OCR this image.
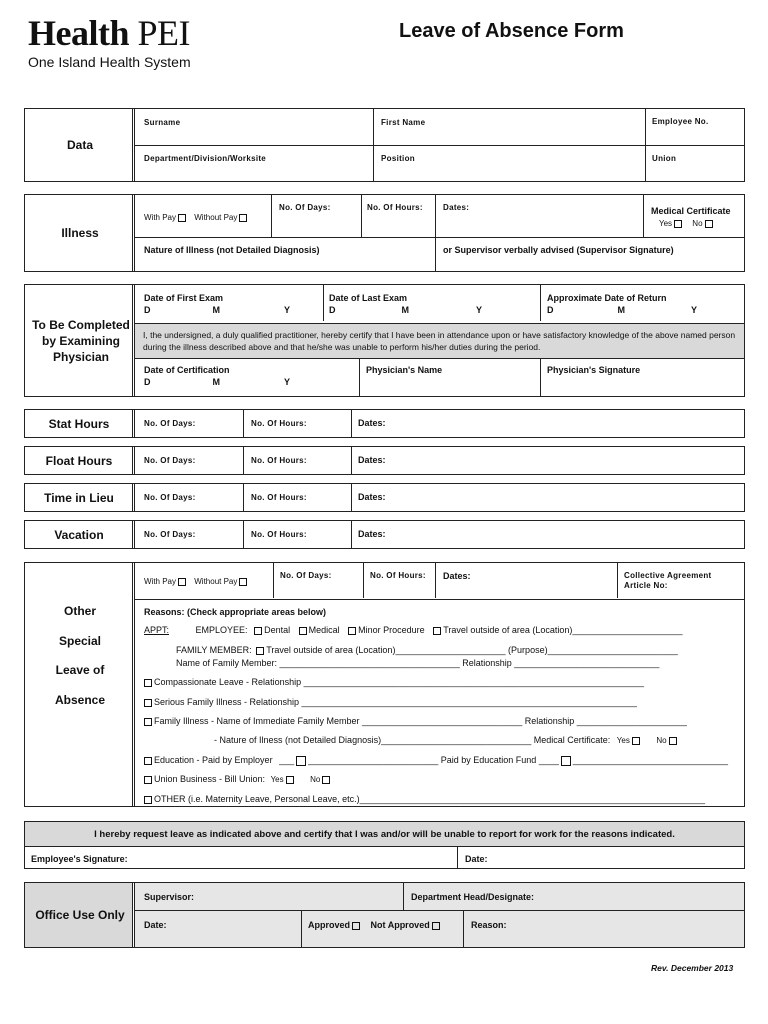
Health PEI
One Island Health System
Leave of Absence Form
Data
Surname	First Name	Employee No.
Department/Division/Worksite	Position	Union
Illness
With Pay Without Pay
No. Of Days:	No. Of Hours:	Dates:	Medical Certificate
Yes	No
Nature of Illness (not Detailed Diagnosis)	or Supervisor verbally advised (Supervisor Signature)
To Be Completed by Examining Physician
I, the undersigned, a duly qualified practitioner, hereby certify that I have been in attendance upon or have satisfactory knowledge of the above named person during the illness described above and that he/she was unable to perform his/her duties during the period.
Date of First Exam
D	M	Y
Date of Last Exam
D	M	Y
Approximate Date of Return
D	M	Y
Date of Certification
D	M	Y
Physician's Name	Physician's Signature
Stat Hours	No. Of Days:	No. Of Hours:	Dates:
Float Hours	No. Of Days:	No. Of Hours:	Dates:
Time in Lieu	No. Of Days:	No. Of Hours:	Dates:
Vacation	No. Of Days:	No. Of Hours:	Dates:
Other
Special
Leave of
Absence
With Pay Without Pay
No. Of Days:	No. Of Hours: Dates:	Collective Agreement
Article No:
Reasons: (Check appropriate areas below)
APPT:	EMPLOYEE: Dental Medical Minor Procedure Travel outside of area (Location)______________________
FAMILY MEMBER: Travel outside of area (Location)______________________ (Purpose)__________________________
Name of Family Member: ____________________________________ Relationship _____________________________
Compassionate Leave - Relationship ____________________________________________________________________
Serious Family Illness - Relationship ___________________________________________________________________
Family Illness - Name of Immediate Family Member ________________________________ Relationship ______________________
- Nature of Ilness (not Detailed Diagnosis)______________________________ Medical Certificate: Yes	No
Education - Paid by Employer ___ __________________________ Paid by Education Fund ____ _______________________________
Union Business - Bill Union: Yes	No
OTHER (i.e. Maternity Leave, Personal Leave, etc.)_____________________________________________________________________
I hereby request leave as indicated above and certify that I was and/or will be unable to report for work for the reasons indicated.
Employee's Signature:	Date:
Office Use Only
Supervisor:	Department Head/Designate:
Date:	Approved Not Approved	Reason:
Rev. December 2013
